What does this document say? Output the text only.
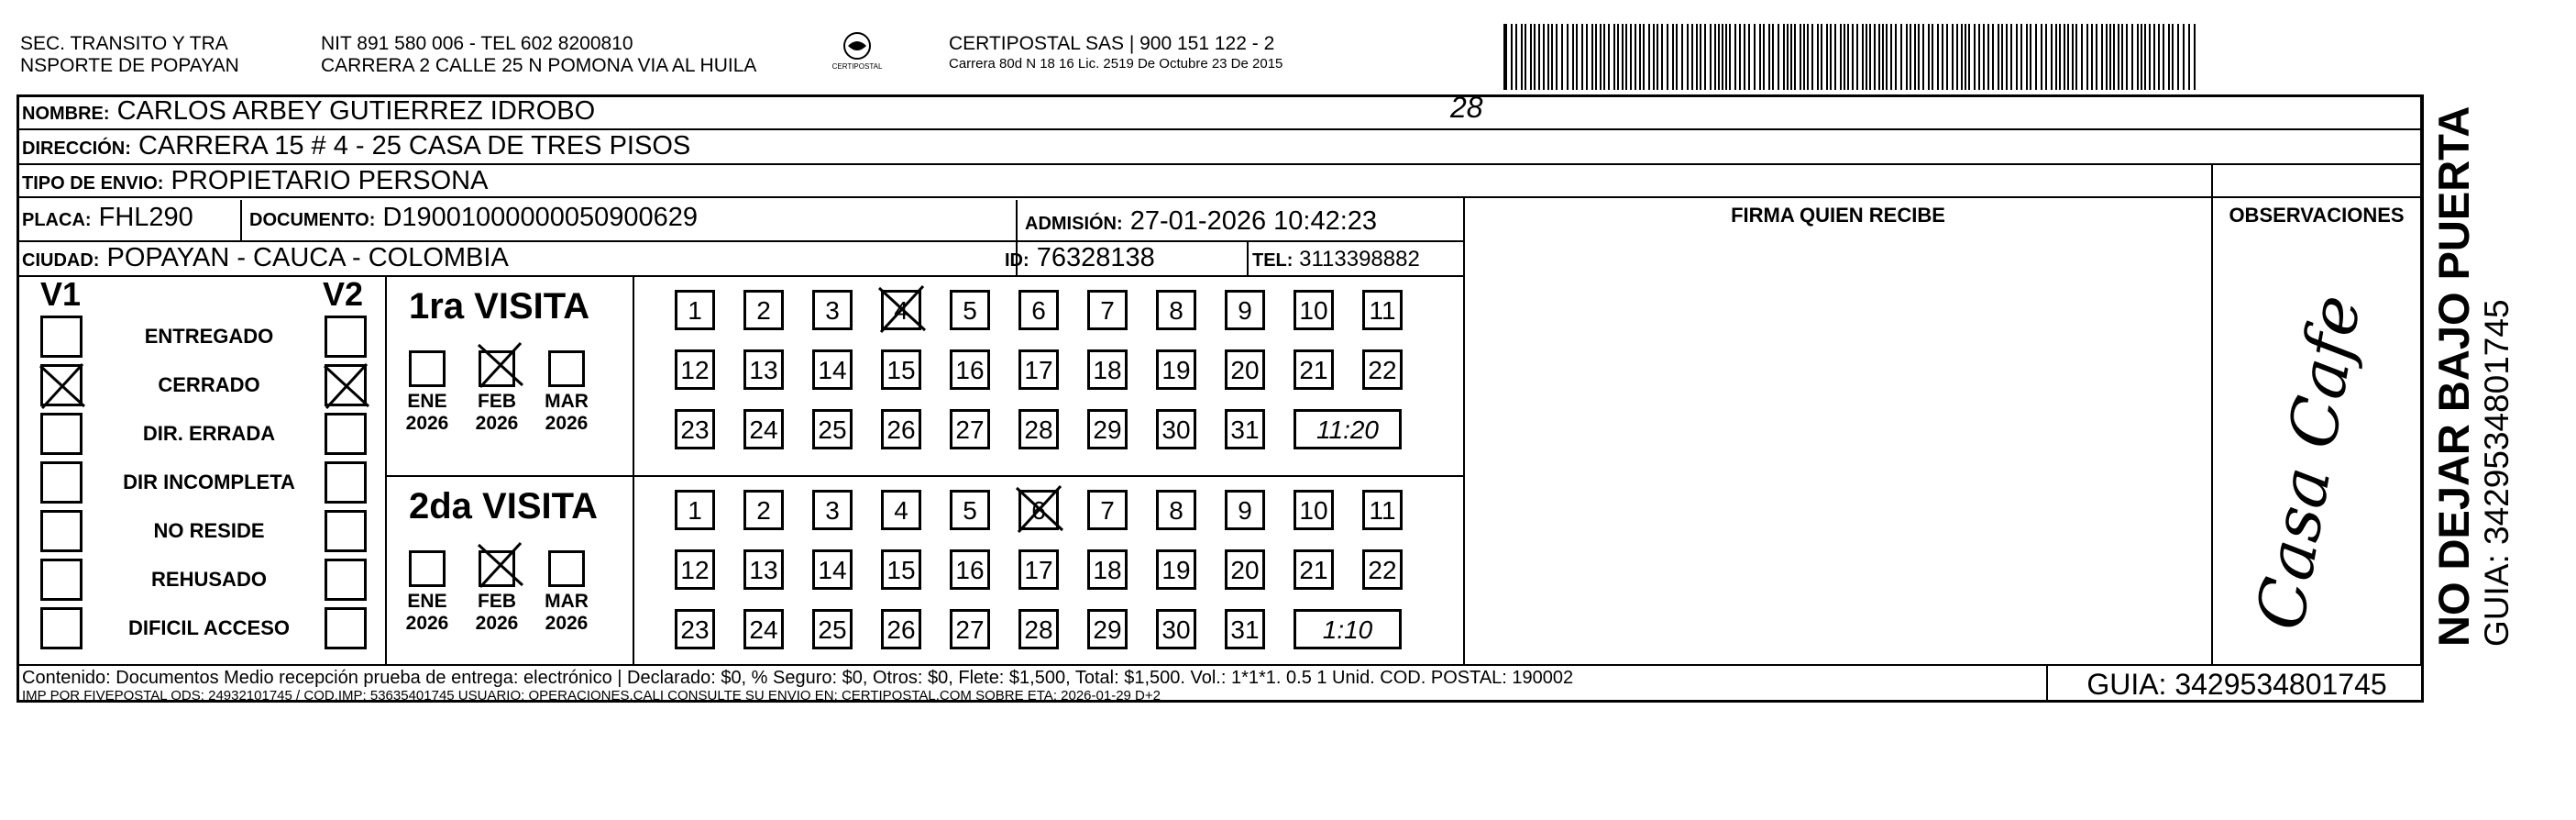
SEC. TRANSITO Y TRA
NSPORTE DE POPAYAN
NIT 891 580 006 - TEL 602 8200810
CARRERA 2 CALLE 25 N POMONA VIA AL HUILA	CERTIPOSTAL
CERTIPOSTAL SAS | 900 151 122 - 2
Carrera 80d N 18 16 Lic. 2519 De Octubre 23 De 2015
NOMBRE: CARLOS ARBEY GUTIERREZ IDROBO	28
DIRECCIÓN: CARRERA 15 # 4 - 25 CASA DE TRES PISOS
TIPO DE ENVIO: PROPIETARIO PERSONA
PLACA: FHL290	DOCUMENTO: D19001000000050900629	ADMISIÓN: 27-01-2026 10:42:23
CIUDAD: POPAYAN - CAUCA - COLOMBIA	ID: 76328138	TEL: 3113398882
FIRMA QUIEN RECIBE	OBSERVACIONES
Casa Cafe
V1	V2
ENTREGADO
CERRADO
DIR. ERRADA
DIR INCOMPLETA
NO RESIDE
REHUSADO
DIFICIL ACCESO
1ra VISITA
ENE
2026
FEB
2026
MAR
2026
1	2	3	4	5	6	7	8	9	10 11
12 13 14 15 16 17 18 19 20 21 22
23 24 25 26 27 28 29 30 31	11:20
2da VISITA
ENE
2026
FEB
2026
MAR
2026
1	2	3	4	5	6	7	8	9	10 11
12 13 14 15 16 17 18 19 20 21 22
23 24 25 26 27 28 29 30 31	1:10
Contenido: Documentos Medio recepción prueba de entrega: electrónico | Declarado: $0, % Seguro: $0, Otros: $0, Flete: $1,500, Total: $1,500. Vol.: 1*1*1. 0.5 1 Unid. COD. POSTAL: 190002
IMP POR FIVEPOSTAL ODS: 24932101745 / COD.IMP: 53635401745 USUARIO: OPERACIONES.CALI CONSULTE SU ENVIO EN: CERTIPOSTAL.COM SOBRE ETA: 2026-01-29 D+2	GUIA: 3429534801745
NO DEJAR BAJO PUERTA GUIA: 3429534801745
